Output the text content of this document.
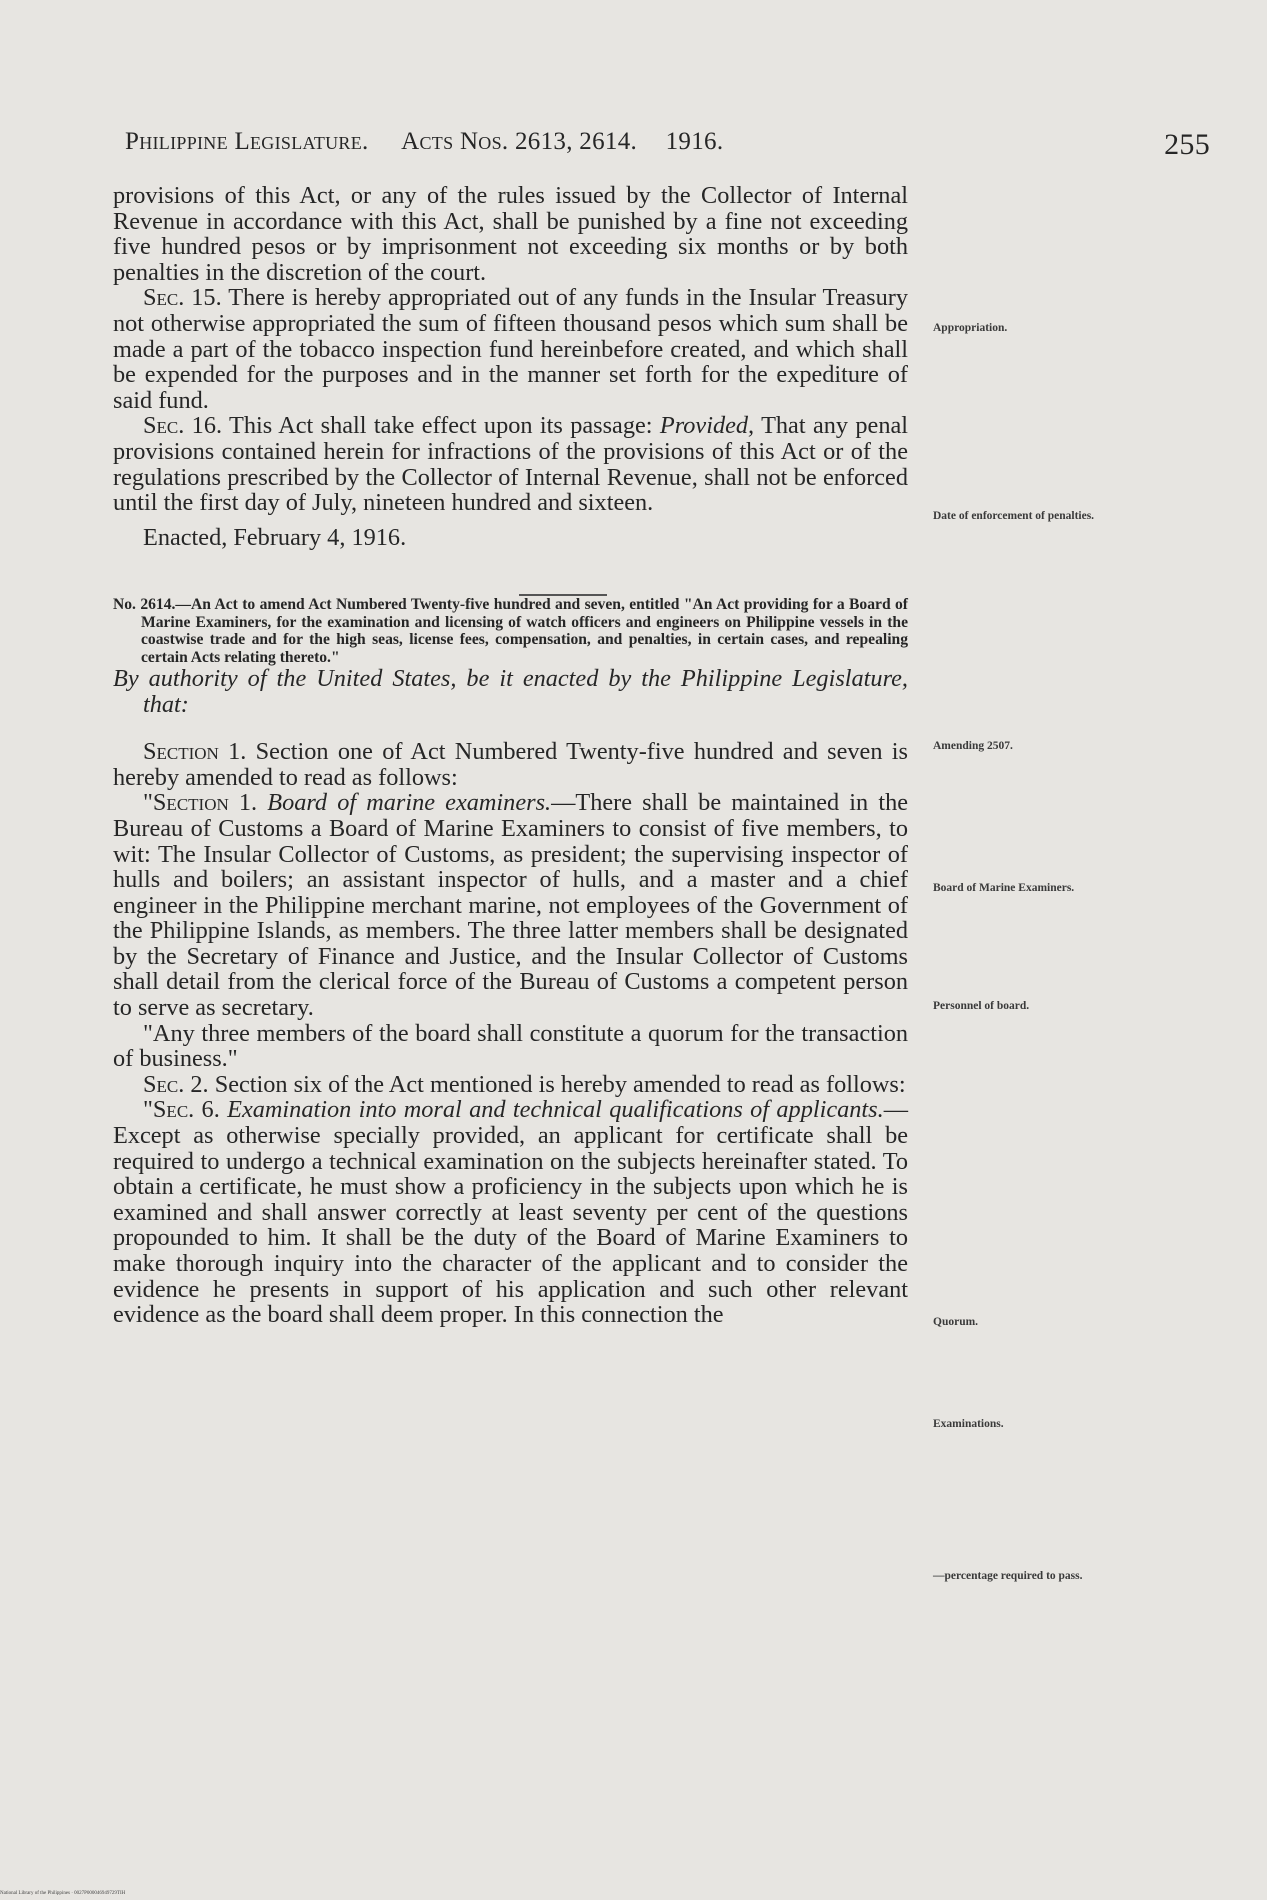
Philippine Legislature. Acts Nos. 2613, 2614. 1916.	255

provisions of this Act, or any of the rules issued by the Collector of Internal Revenue in accordance with this Act, shall be punished by a fine not exceeding five hundred pesos or by imprisonment not exceeding six months or by both penalties in the discretion of the court.

Sec. 15. There is hereby appropriated out of any funds in the Insular Treasury not otherwise appropriated the sum of fifteen thousand pesos which sum shall be made a part of the tobacco inspection fund hereinbefore created, and which shall be expended for the purposes and in the manner set forth for the expediture of said fund.

Sec. 16. This Act shall take effect upon its passage: Provided, That any penal provisions contained herein for infractions of the provisions of this Act or of the regulations prescribed by the Collector of Internal Revenue, shall not be enforced until the first day of July, nineteen hundred and sixteen.

Enacted, February 4, 1916.

No. 2614.—An Act to amend Act Numbered Twenty-five hundred and seven, entitled "An Act providing for a Board of Marine Examiners, for the examination and licensing of watch officers and engineers on Philippine vessels in the coastwise trade and for the high seas, license fees, compensation, and penalties, in certain cases, and repealing certain Acts relating thereto."

By authority of the United States, be it enacted by the Philippine Legislature, that:

Section 1. Section one of Act Numbered Twenty-five hundred and seven is hereby amended to read as follows:

"Section 1. Board of marine examiners.—There shall be maintained in the Bureau of Customs a Board of Marine Examiners to consist of five members, to wit: The Insular Collector of Customs, as president; the supervising inspector of hulls and boilers; an assistant inspector of hulls, and a master and a chief engineer in the Philippine merchant marine, not employees of the Government of the Philippine Islands, as members. The three latter members shall be designated by the Secretary of Finance and Justice, and the Insular Collector of Customs shall detail from the clerical force of the Bureau of Customs a competent person to serve as secretary.

"Any three members of the board shall constitute a quorum for the transaction of business."

Sec. 2. Section six of the Act mentioned is hereby amended to read as follows:

"Sec. 6. Examination into moral and technical qualifications of applicants.—Except as otherwise specially provided, an applicant for certificate shall be required to undergo a technical examination on the subjects hereinafter stated. To obtain a certificate, he must show a proficiency in the subjects upon which he is examined and shall answer correctly at least seventy per cent of the questions propounded to him. It shall be the duty of the Board of Marine Examiners to make thorough inquiry into the character of the applicant and to consider the evidence he presents in support of his application and such other relevant evidence as the board shall deem proper. In this connection the

Appropriation.
Date of enforcement of penalties.
Amending 2507.
Board of Marine Examiners.
Personnel of board.
Quorum.
Examinations.
—percentage required to pass.
National Library of the Philippines · 0027P000046949729TIH
